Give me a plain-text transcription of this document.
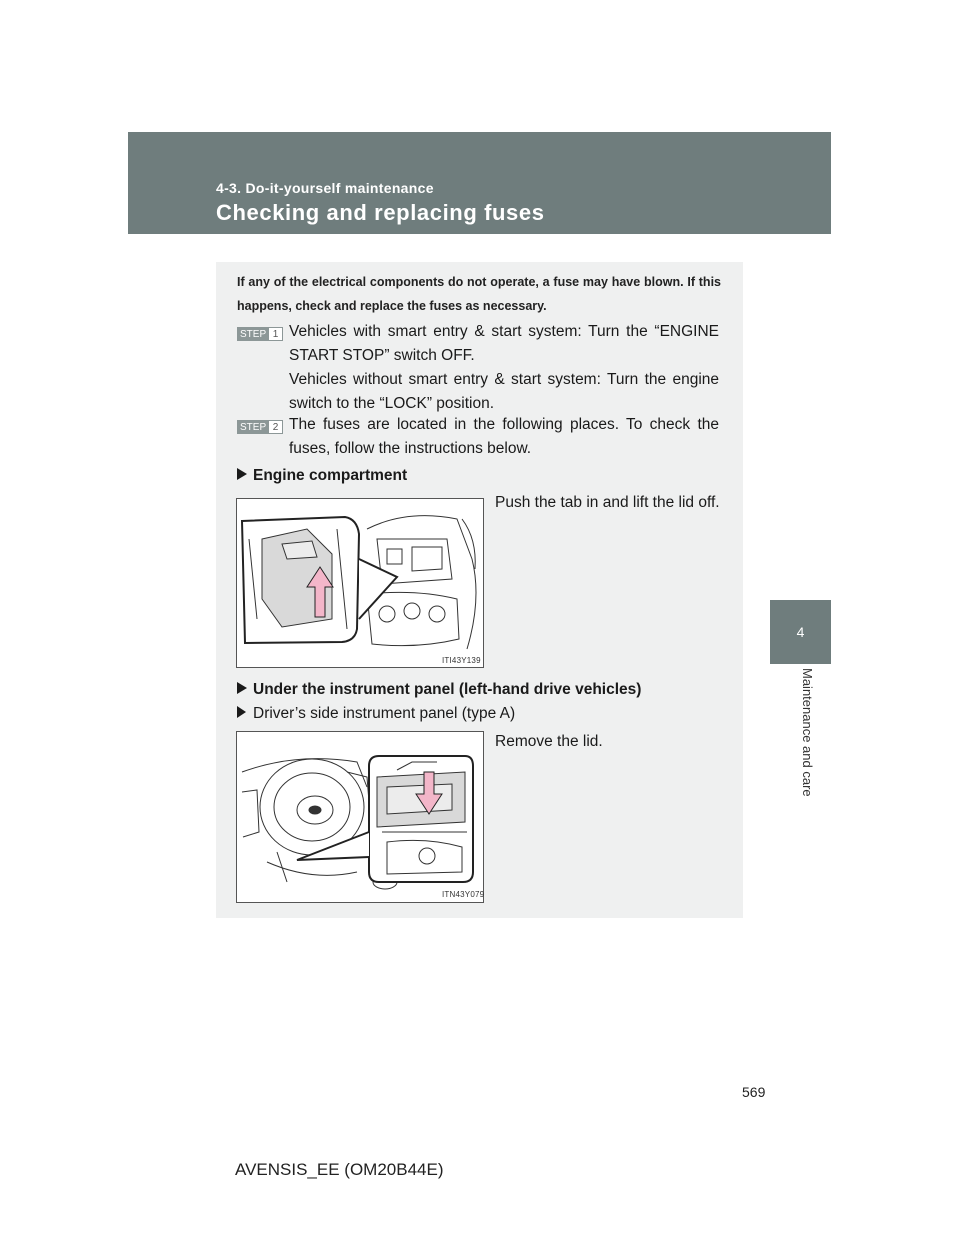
4-3. Do-it-yourself maintenance
Checking and replacing fuses
4
Maintenance and care
If any of the electrical components do not operate, a fuse may have blown. If this happens, check and replace the fuses as necessary.
STEP 1 Vehicles with smart entry & start system: Turn the “ENGINE START STOP” switch OFF.
Vehicles without smart entry & start system: Turn the engine switch to the “LOCK” position.
STEP 2 The fuses are located in the following places. To check the fuses, follow the instructions below.
Engine compartment
Push the tab in and lift the lid off.
ITI43Y139
Under the instrument panel (left-hand drive vehicles)
Driver’s side instrument panel (type A)
Remove the lid.
ITN43Y079
569
AVENSIS_EE (OM20B44E)
